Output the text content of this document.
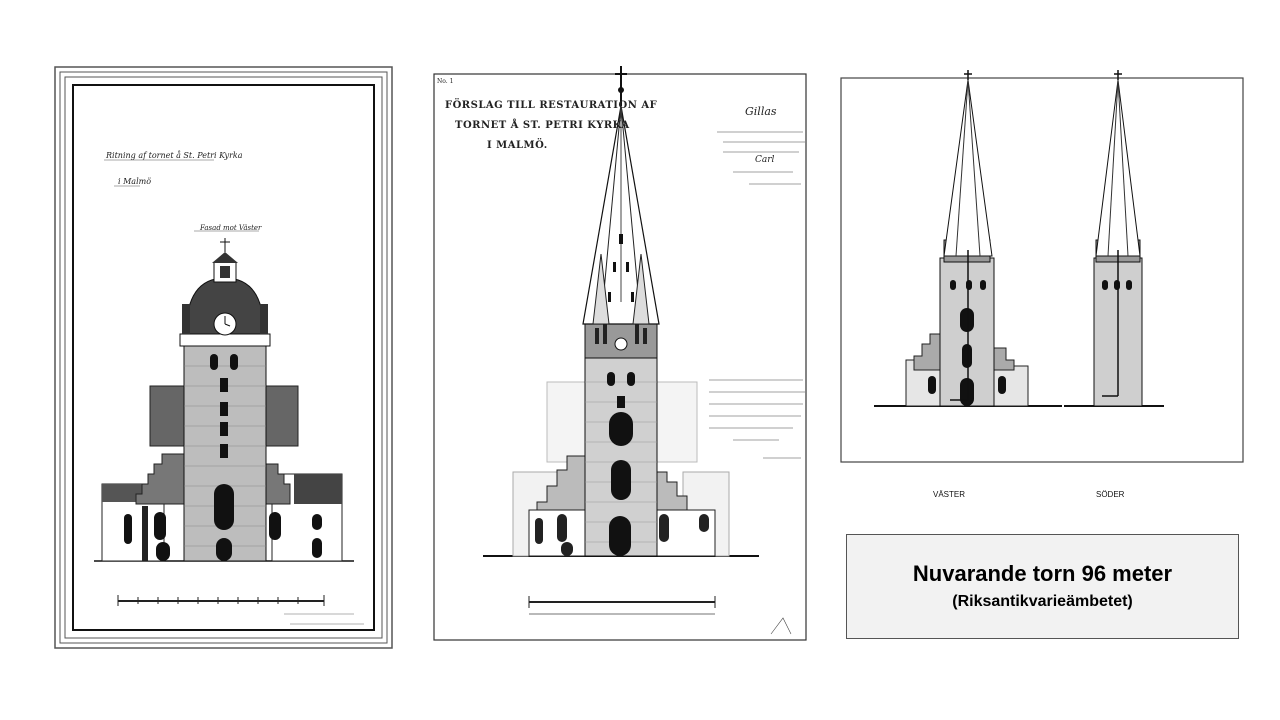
Ritning af tornet å St. Petri Kyrka
i Malmö
Fasad mot Väster
No. 1
FÖRSLAG TILL RESTAURATION AF
TORNET Å ST. PETRI KYRKA
I MALMÖ.
Gillas
Carl
VÄSTER	SÖDER
Nuvarande torn 96 meter
(Riksantikvarieämbetet)
